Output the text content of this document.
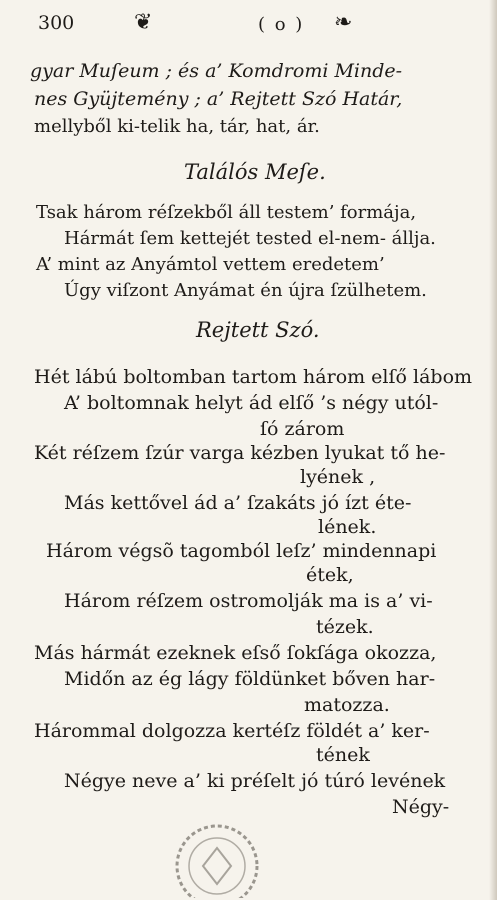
300	❦	( o ) ❧
gyar Muſeum ; és a’ Komdromi Minde-
nes Gyüjtemény ; a’ Rejtett Szó Határ,
mellyből ki-telik ha, tár, hat, ár.
Találós Meſe.
Tsak három réſzekből áll testem’ formája,
Hármát ſem kettejét tested el-nem- állja.
A’ mint az Anyámtol vettem eredetem’
Úgy viſzont Anyámat én újra ſzülhetem.
Rejtett Szó.
Hét lábú boltomban tartom három elſő lábom
A’ boltomnak helyt ád elſő ’s négy utól-
ſó zárom
Két réſzem ſzúr varga kézben lyukat tő he-
lyének ,
Más kettővel ád a’ ſzakáts jó ízt éte-
lének.
Három végsõ tagomból leſz’ mindennapi
étek,
Három réſzem ostromolják ma is a’ vi-
tézek.
Más hármát ezeknek eſső ſokſága okozza,
Midőn az ég lágy földünket bőven har-
matozza.
Hárommal dolgozza kertéſz földét a’ ker-
tének
Négye neve a’ ki préſelt jó túró levének
Négy-
